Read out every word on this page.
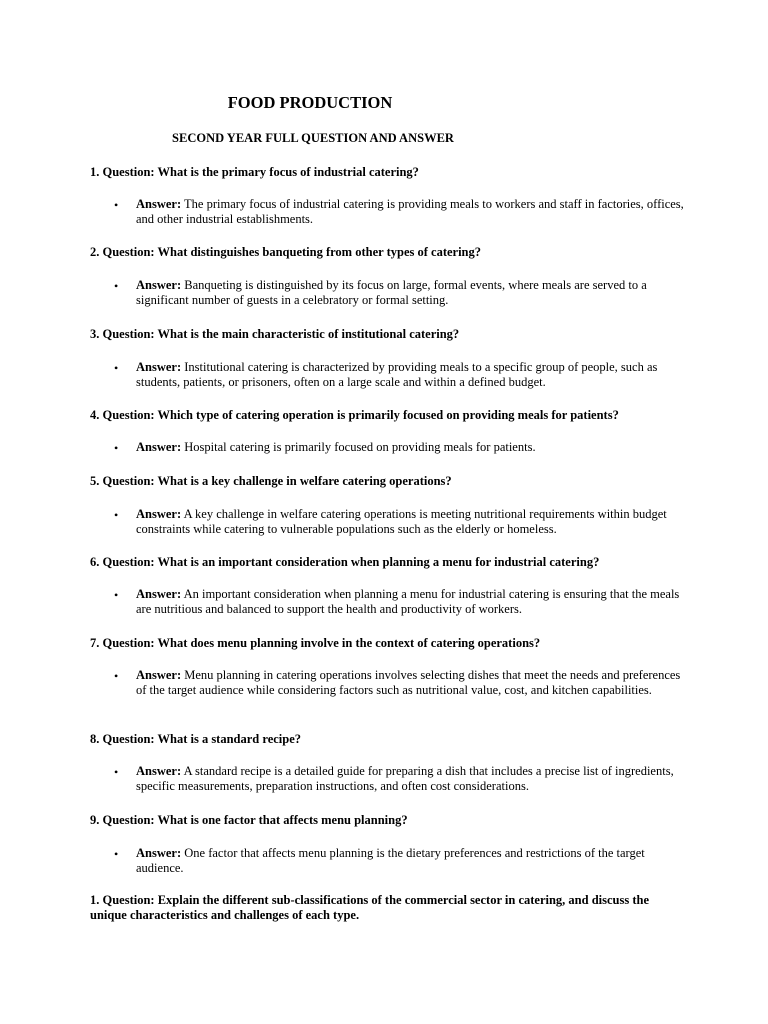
FOOD PRODUCTION
SECOND YEAR FULL QUESTION AND ANSWER
1. Question: What is the primary focus of industrial catering?
• Answer: The primary focus of industrial catering is providing meals to workers and staff in factories, offices, and other industrial establishments.
2. Question: What distinguishes banqueting from other types of catering?
• Answer: Banqueting is distinguished by its focus on large, formal events, where meals are served to a significant number of guests in a celebratory or formal setting.
3. Question: What is the main characteristic of institutional catering?
• Answer: Institutional catering is characterized by providing meals to a specific group of people, such as students, patients, or prisoners, often on a large scale and within a defined budget.
4. Question: Which type of catering operation is primarily focused on providing meals for patients?
• Answer: Hospital catering is primarily focused on providing meals for patients.
5. Question: What is a key challenge in welfare catering operations?
• Answer: A key challenge in welfare catering operations is meeting nutritional requirements within budget constraints while catering to vulnerable populations such as the elderly or homeless.
6. Question: What is an important consideration when planning a menu for industrial catering?
• Answer: An important consideration when planning a menu for industrial catering is ensuring that the meals are nutritious and balanced to support the health and productivity of workers.
7. Question: What does menu planning involve in the context of catering operations?
• Answer: Menu planning in catering operations involves selecting dishes that meet the needs and preferences of the target audience while considering factors such as nutritional value, cost, and kitchen capabilities.
8. Question: What is a standard recipe?
• Answer: A standard recipe is a detailed guide for preparing a dish that includes a precise list of ingredients, specific measurements, preparation instructions, and often cost considerations.
9. Question: What is one factor that affects menu planning?
• Answer: One factor that affects menu planning is the dietary preferences and restrictions of the target audience.
1. Question: Explain the different sub-classifications of the commercial sector in catering, and discuss the unique characteristics and challenges of each type.
